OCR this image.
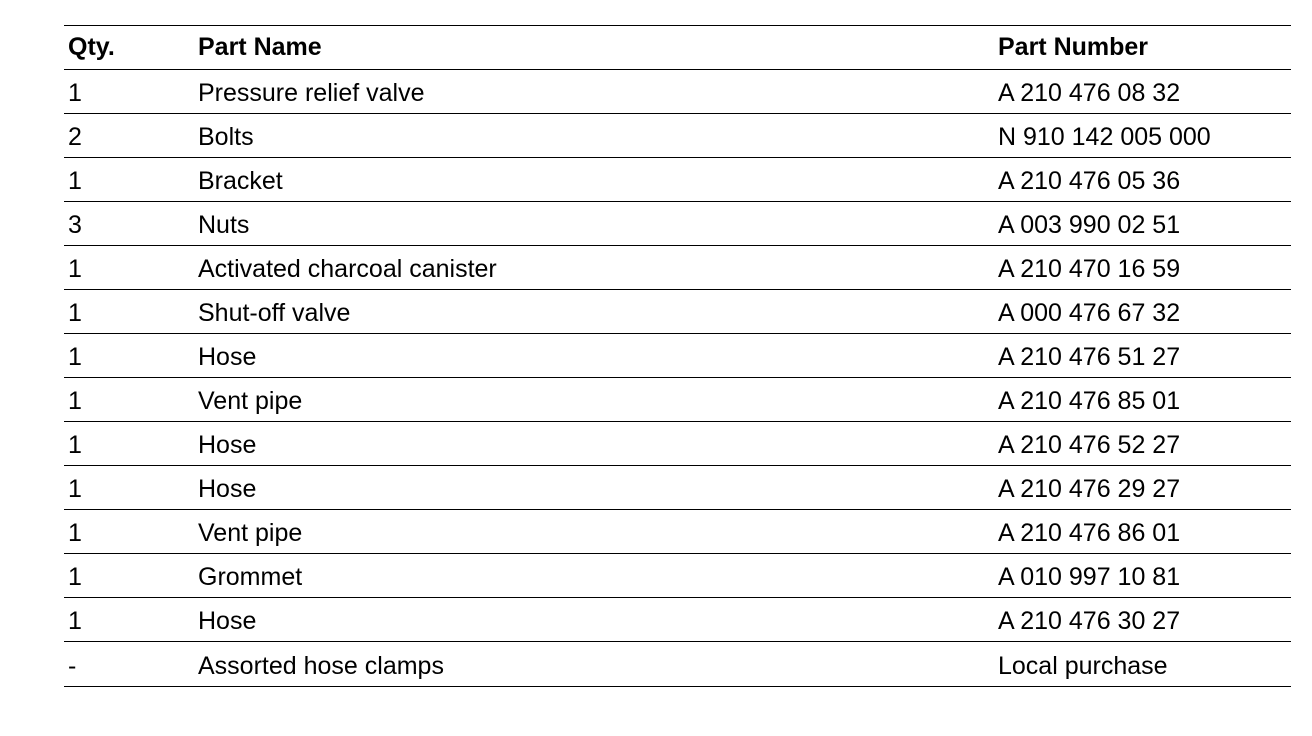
Qty.	Part Name	Part Number
1	Pressure relief valve	A 210 476 08 32
2	Bolts	N 910 142 005 000
1	Bracket	A 210 476 05 36
3	Nuts	A 003 990 02 51
1	Activated charcoal canister	A 210 470 16 59
1	Shut-off valve	A 000 476 67 32
1	Hose	A 210 476 51 27
1	Vent pipe	A 210 476 85 01
1	Hose	A 210 476 52 27
1	Hose	A 210 476 29 27
1	Vent pipe	A 210 476 86 01
1	Grommet	A 010 997 10 81
1	Hose	A 210 476 30 27
-	Assorted hose clamps	Local purchase
